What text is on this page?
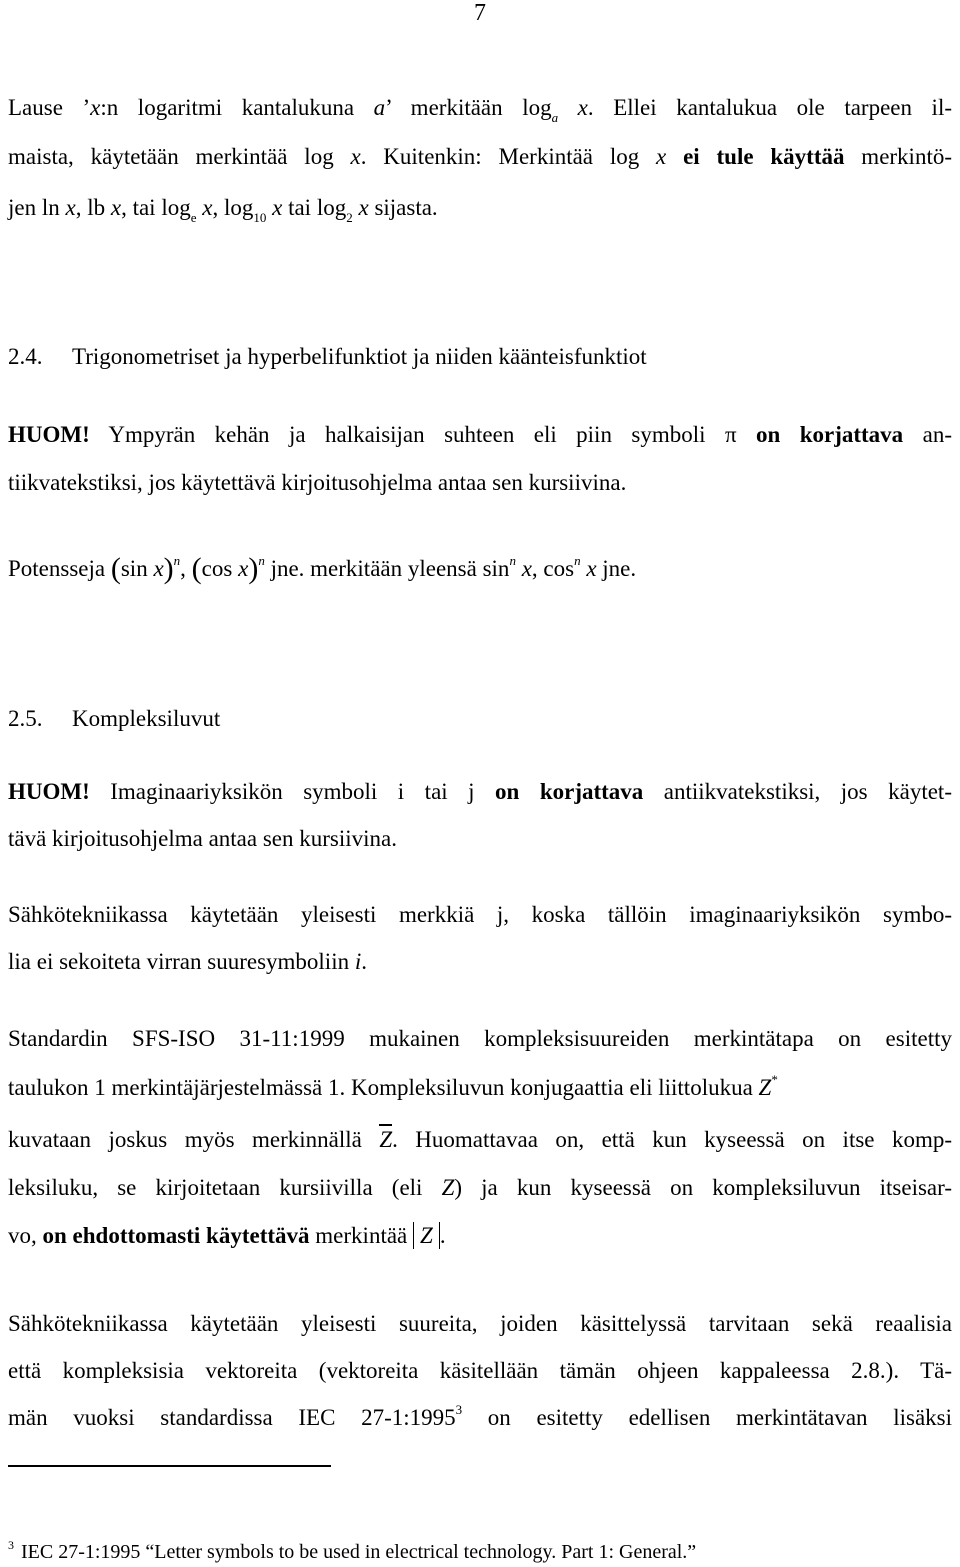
7
Lause ’x:n logaritmi kantalukuna a’ merkitään $\log_a x$. Ellei kantalukua ole tarpeen il-
maista, käytetään merkintää log x. Kuitenkin: Merkintää log x ei tule käyttää merkintö-
jen ln x, lb x, tai $\log_e x$, $\log_{10} x$ tai $\log_2 x$ sijasta.
2.4. Trigonometriset ja hyperbelifunktiot ja niiden käänteisfunktiot
HUOM! Ympyrän kehän ja halkaisijan suhteen eli piin symboli π on korjattava an-
tiikvatekstiksi, jos käytettävä kirjoitusohjelma antaa sen kursiivina.
Potensseja (sin x)$^n$, (cos x)$^n$ jne. merkitään yleensä $\sin^n x$, $\cos^n x$ jne.
2.5. Kompleksiluvut
HUOM! Imaginaariyksikön symboli i tai j on korjattava antiikvatekstiksi, jos käytet-
tävä kirjoitusohjelma antaa sen kursiivina.
Sähkötekniikassa käytetään yleisesti merkkiä j, koska tällöin imaginaariyksikön symbo-
lia ei sekoiteta virran suuresymboliin i.
Standardin SFS-ISO 31-11:1999 mukainen kompleksisuureiden merkintätapa on esitetty
taulukon 1 merkintäjärjestelmässä 1. Kompleksiluvun konjugaattia eli liittolukua Z*
kuvataan joskus myös merkinnällä Z. Huomattavaa on, että kun kyseessä on itse komp-
leksiluku, se kirjoitetaan kursiivilla (eli Z) ja kun kyseessä on kompleksiluvun itseisar-
vo, on ehdottomasti käytettävä merkintää Z .
Sähkötekniikassa käytetään yleisesti suureita, joiden käsittelyssä tarvitaan sekä reaalisia
että kompleksisia vektoreita (vektoreita käsitellään tämän ohjeen kappaleessa 2.8.). Tä-
män vuoksi standardissa IEC 27-1:1995$^3$ on esitetty edellisen merkintätavan lisäksi
$^3$ IEC 27-1:1995 “Letter symbols to be used in electrical technology. Part 1: General.”
